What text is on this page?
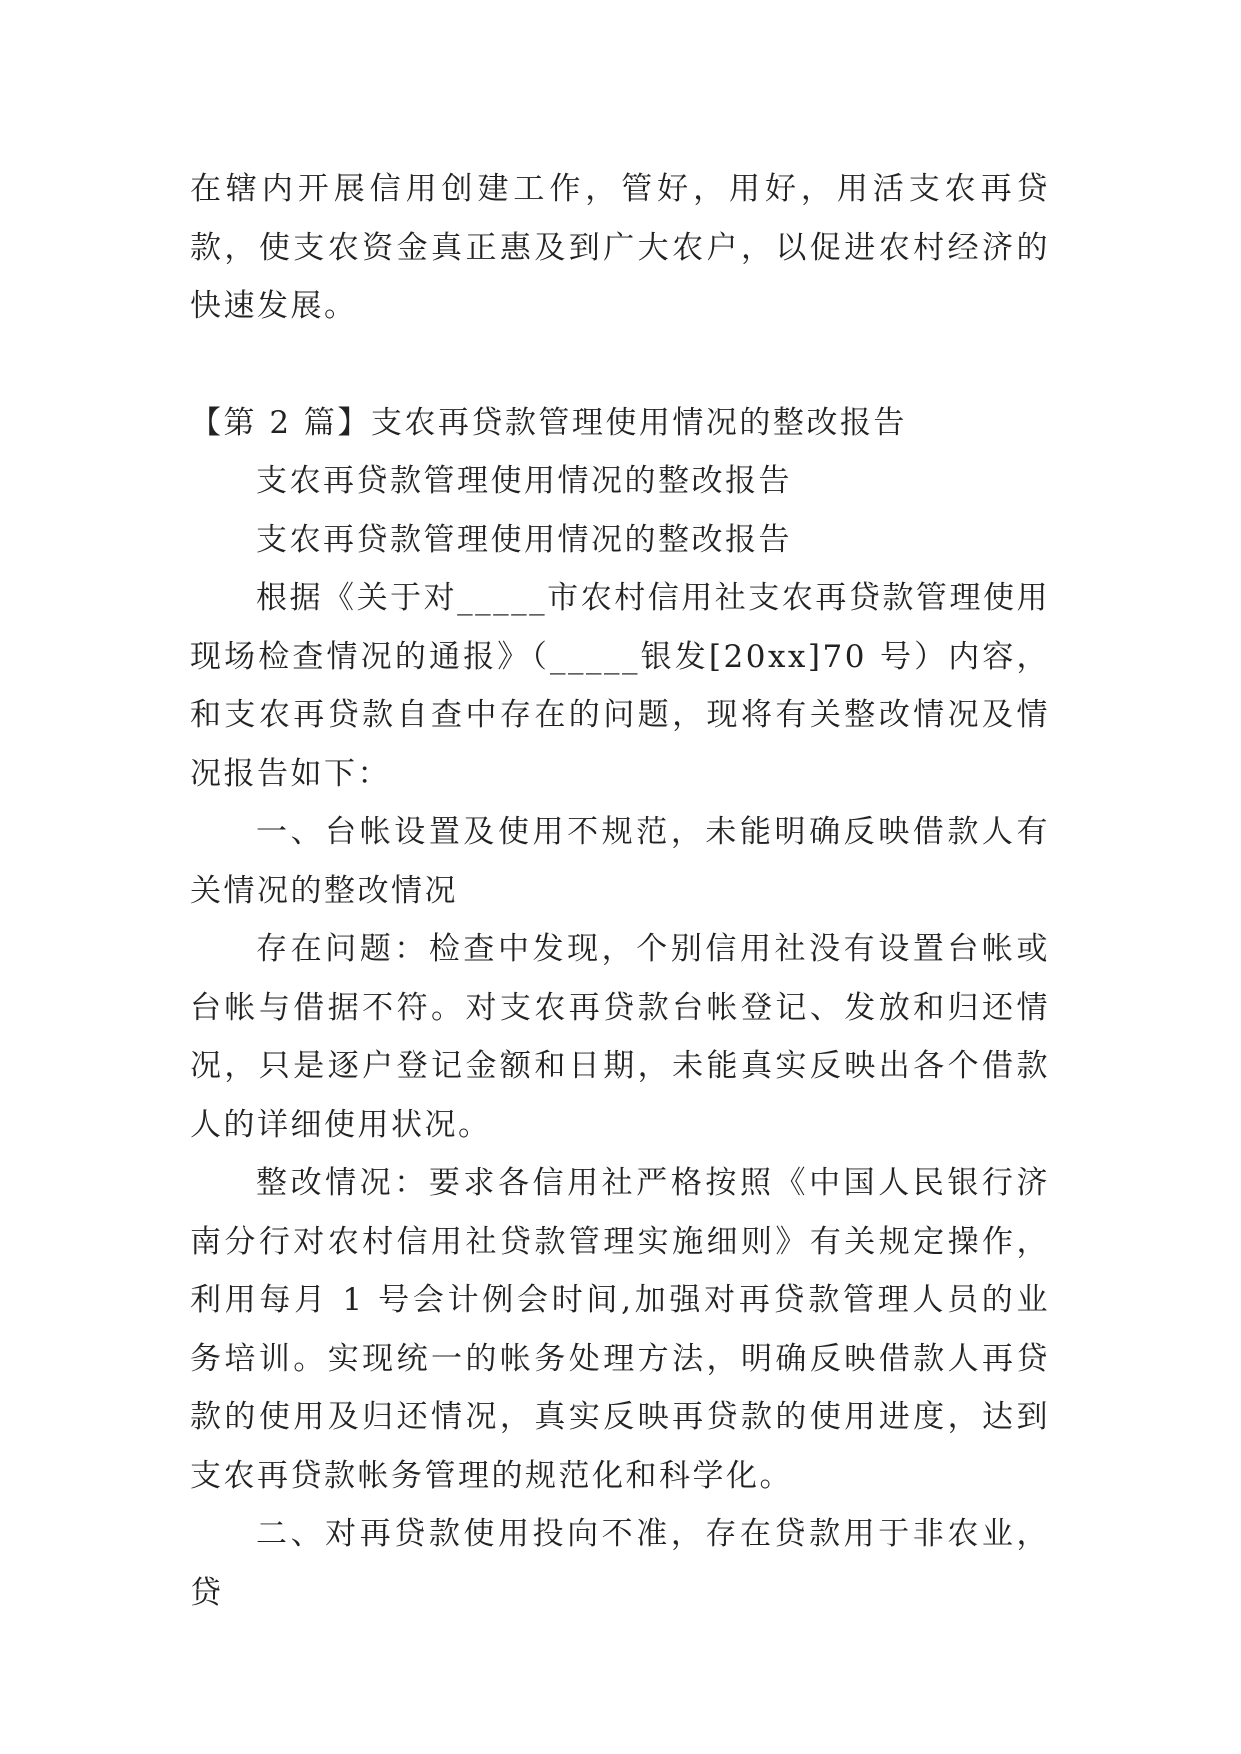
在辖内开展信用创建工作，管好，用好，用活支农再贷款，使支农资金真正惠及到广大农户，以促进农村经济的快速发展。

【第 2 篇】支农再贷款管理使用情况的整改报告

支农再贷款管理使用情况的整改报告

支农再贷款管理使用情况的整改报告

根据《关于对_____市农村信用社支农再贷款管理使用现场检查情况的通报》（_____银发[20xx]70 号）内容，和支农再贷款自查中存在的问题，现将有关整改情况及情况报告如下：

一、台帐设置及使用不规范，未能明确反映借款人有关情况的整改情况

存在问题：检查中发现，个别信用社没有设置台帐或台帐与借据不符。对支农再贷款台帐登记、发放和归还情况，只是逐户登记金额和日期，未能真实反映出各个借款人的详细使用状况。

整改情况：要求各信用社严格按照《中国人民银行济南分行对农村信用社贷款管理实施细则》有关规定操作，利用每月 1 号会计例会时间,加强对再贷款管理人员的业务培训。实现统一的帐务处理方法，明确反映借款人再贷款的使用及归还情况，真实反映再贷款的使用进度，达到支农再贷款帐务管理的规范化和科学化。

二、对再贷款使用投向不准，存在贷款用于非农业，贷
